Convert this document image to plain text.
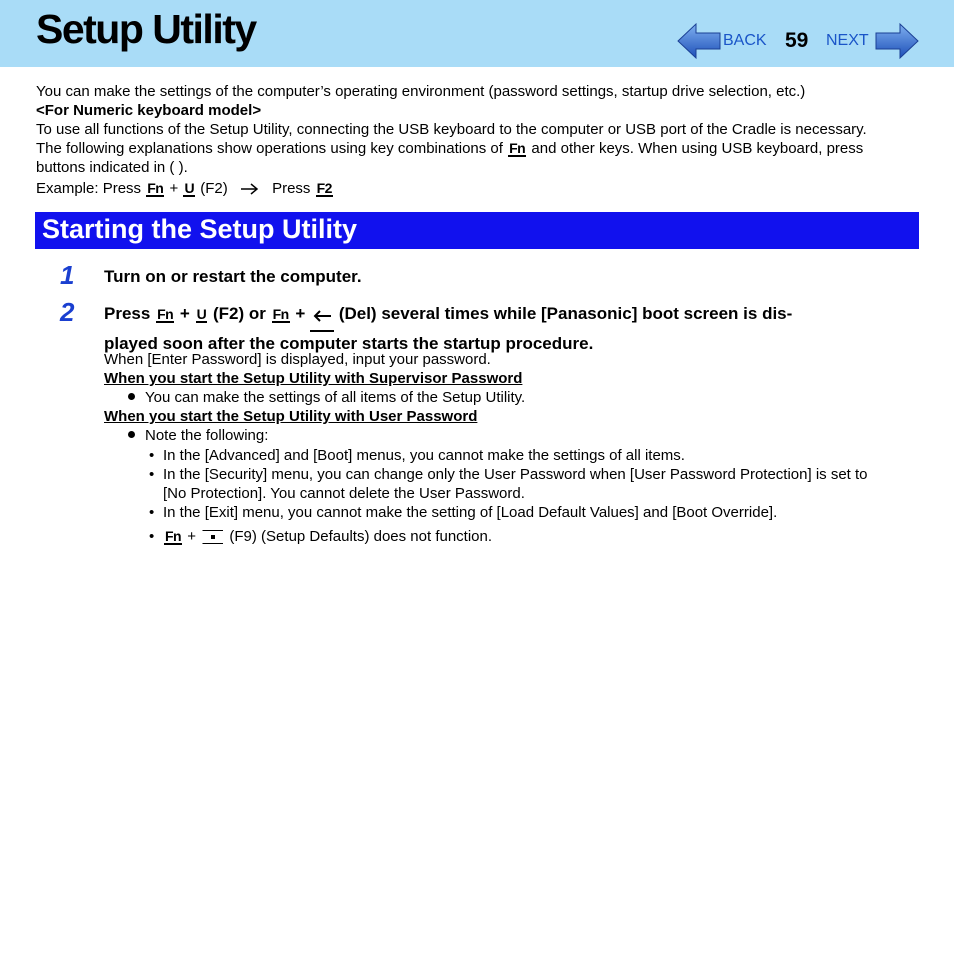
Setup Utility	BACK 59 NEXT

You can make the settings of the computer’s operating environment (password settings, startup drive selection, etc.)

<For Numeric keyboard model>

To use all functions of the Setup Utility, connecting the USB keyboard to the computer or USB port of the Cradle is necessary.

The following explanations show operations using key combinations of Fn and other keys. When using USB keyboard, press

buttons indicated in ( ).

Example: Press Fn + U (F2)	Press F2

Starting the Setup Utility
1 Turn on or restart the computer.
2 Press Fn + U (F2) or Fn + (Del) several times while [Panasonic] boot screen is dis-
played soon after the computer starts the startup procedure.
When [Enter Password] is displayed, input your password.
When you start the Setup Utility with Supervisor Password
You can make the settings of all items of the Setup Utility.
When you start the Setup Utility with User Password
Note the following:
• In the [Advanced] and [Boot] menus, you cannot make the settings of all items.
• In the [Security] menu, you can change only the User Password when [User Password Protection] is set to
[No Protection]. You cannot delete the User Password.
• In the [Exit] menu, you cannot make the setting of [Load Default Values] and [Boot Override].
• Fn + (F9) (Setup Defaults) does not function.
